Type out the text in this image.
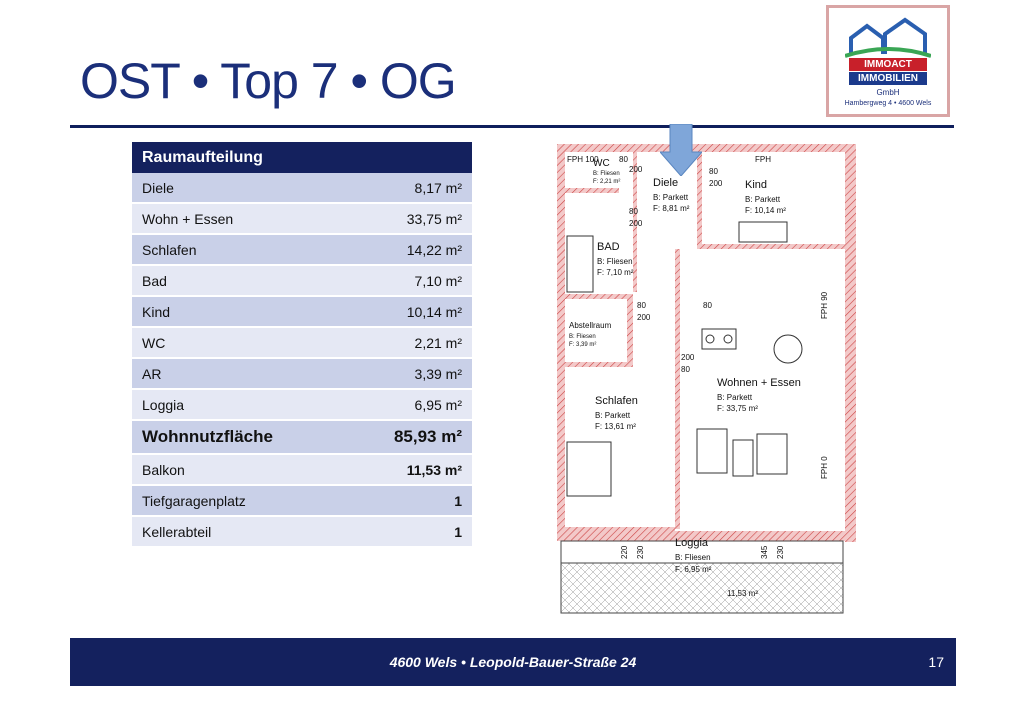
OST • Top 7 • OG	IMMOACT
IMMOBILIEN
GmbH
Hambergweg 4 • 4600 Wels
Raumaufteilung	
Diele	8,17 m²
Wohn + Essen	33,75 m²
Schlafen	14,22 m²
Bad	7,10 m²
Kind	10,14 m²
WC	2,21 m²
AR	3,39 m²
Loggia	6,95 m²
Wohnnutzfläche	85,93 m²
Balkon	11,53 m²
Tiefgaragenplatz	1
Kellerabteil	1
FPH 100
WC
B: Fliesen
F: 2,21 m²	Diele
B: Parkett
F: 8,81 m²
FPH
Kind
B: Parkett
F: 10,14 m²
BAD
B: Fliesen
F: 7,10 m²
Abstellraum
B: Fliesen
F: 3,39 m²
Schlafen
B: Parkett
F: 13,61 m²
Wohnen + Essen
B: Parkett
F: 33,75 m²
Loggia
B: Fliesen
F: 6,95 m²
11,53 m²
FPH 90
FPH 0
220 230	345 230
80
200	80
200
80
200
80
200
80
200
80
4600 Wels • Leopold-Bauer-Straße 24	17
